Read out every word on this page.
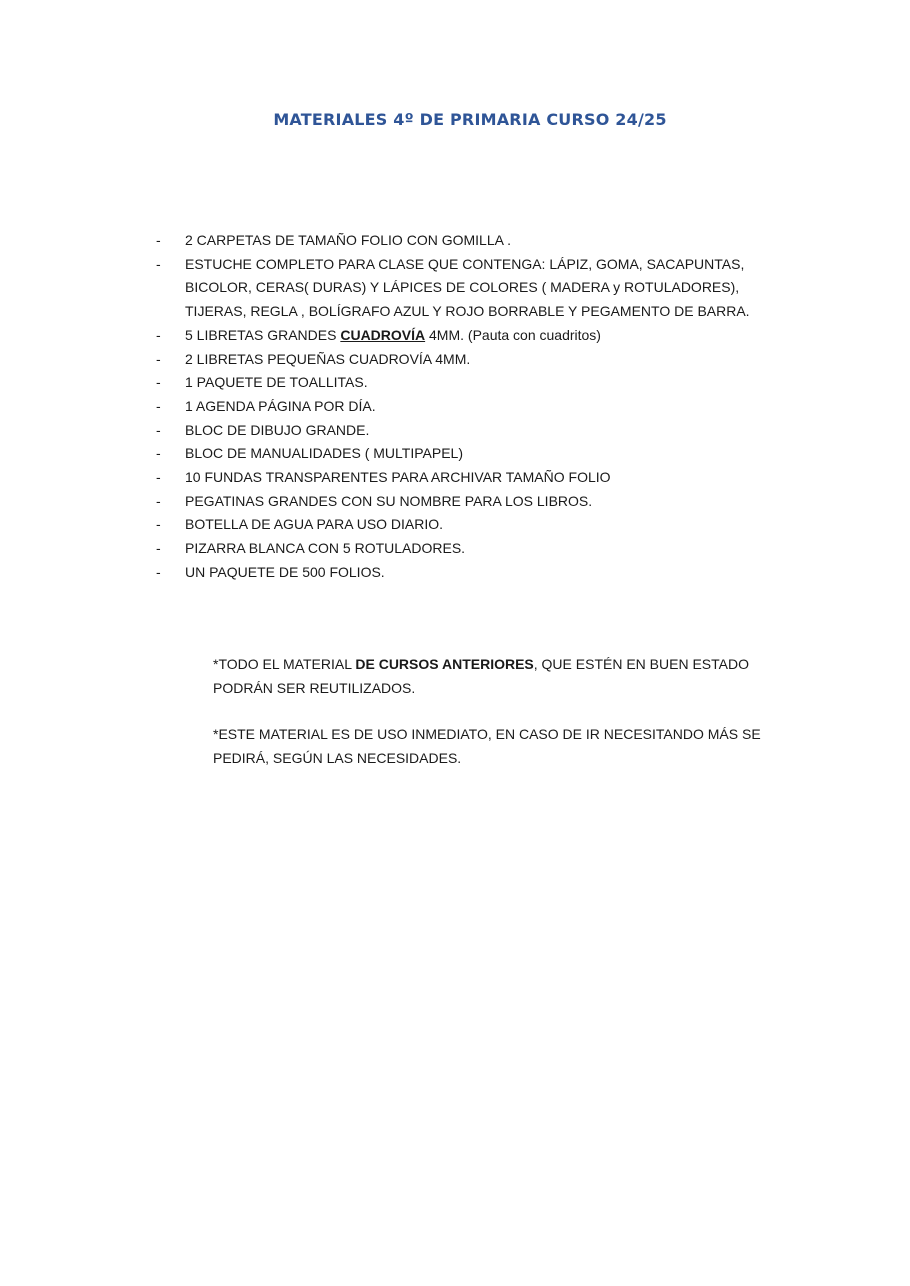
MATERIALES 4º DE PRIMARIA CURSO 24/25
- 2 CARPETAS DE TAMAÑO FOLIO CON GOMILLA .
- ESTUCHE COMPLETO PARA CLASE QUE CONTENGA: LÁPIZ, GOMA, SACAPUNTAS, BICOLOR, CERAS( DURAS) Y LÁPICES DE COLORES ( MADERA y ROTULADORES), TIJERAS, REGLA , BOLÍGRAFO AZUL Y ROJO BORRABLE Y PEGAMENTO DE BARRA.
- 5 LIBRETAS GRANDES CUADROVÍA 4MM. (Pauta con cuadritos)
- 2 LIBRETAS PEQUEÑAS CUADROVÍA 4MM.
- 1 PAQUETE DE TOALLITAS.
- 1 AGENDA PÁGINA POR DÍA.
- BLOC DE DIBUJO GRANDE.
- BLOC DE MANUALIDADES ( MULTIPAPEL)
- 10 FUNDAS TRANSPARENTES PARA ARCHIVAR TAMAÑO FOLIO
- PEGATINAS GRANDES CON SU NOMBRE PARA LOS LIBROS.
- BOTELLA DE AGUA PARA USO DIARIO.
- PIZARRA BLANCA CON 5 ROTULADORES.
- UN PAQUETE DE 500 FOLIOS.

*TODO EL MATERIAL DE CURSOS ANTERIORES, QUE ESTÉN EN BUEN ESTADO PODRÁN SER REUTILIZADOS.

*ESTE MATERIAL ES DE USO INMEDIATO, EN CASO DE IR NECESITANDO MÁS SE PEDIRÁ, SEGÚN LAS NECESIDADES.
